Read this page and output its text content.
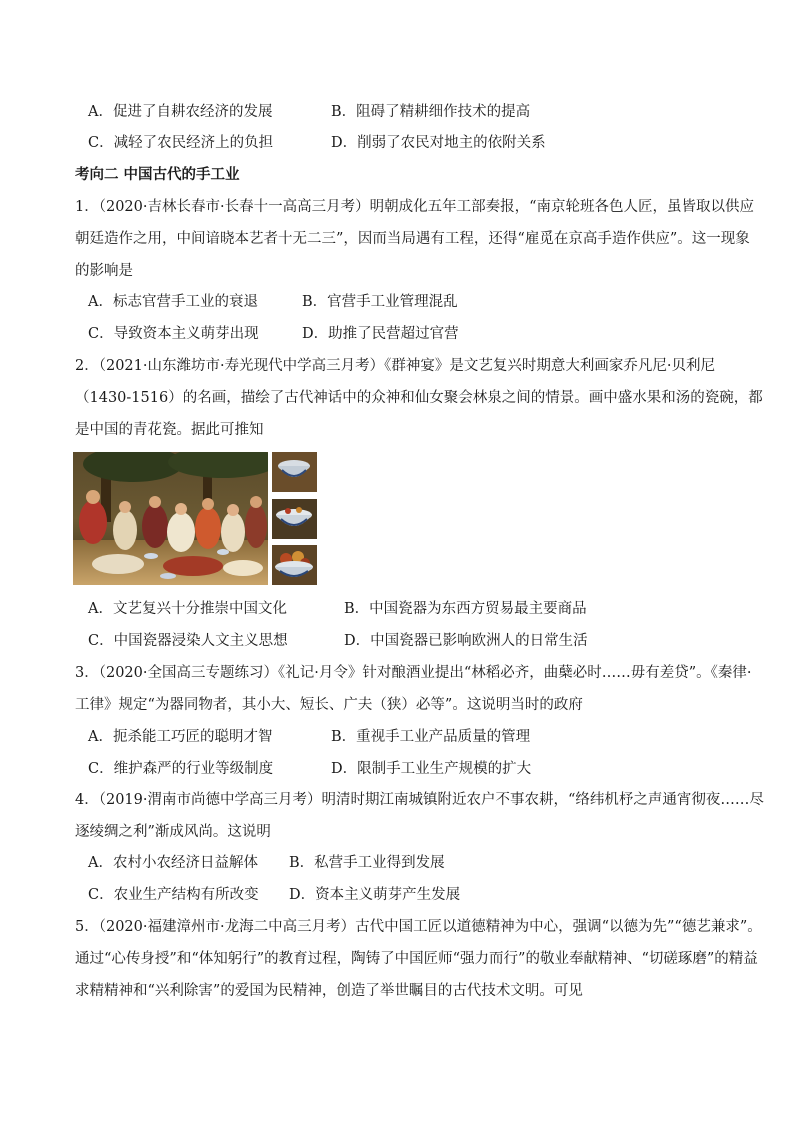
A．促进了自耕农经济的发展	B．阻碍了精耕细作技术的提高
C．减轻了农民经济上的负担	D．削弱了农民对地主的依附关系
考向二 中国古代的手工业
1．（2020·吉林长春市·长春十一高高三月考）明朝成化五年工部奏报，“南京轮班各色人匠，虽皆取以供应
朝廷造作之用，中间谙晓本艺者十无二三”，因而当局遇有工程，还得“雇觅在京高手造作供应”。这一现象
的影响是
A．标志官营手工业的衰退	B．官营手工业管理混乱
C．导致资本主义萌芽出现	D．助推了民营超过官营
2．（2021·山东潍坊市·寿光现代中学高三月考）《群神宴》是文艺复兴时期意大利画家乔凡尼·贝利尼
（1430-1516）的名画，描绘了古代神话中的众神和仙女聚会林泉之间的情景。画中盛水果和汤的瓷碗，都
是中国的青花瓷。据此可推知
A．文艺复兴十分推崇中国文化	B．中国瓷器为东西方贸易最主要商品
C．中国瓷器浸染人文主义思想	D．中国瓷器已影响欧洲人的日常生活
3．（2020·全国高三专题练习）《礼记·月令》针对酿酒业提出“林稻必齐，曲蘖必时……毋有差贷”。《秦律·
工律》规定“为器同物者，其小大、短长、广夫（狭）必等”。这说明当时的政府
A．扼杀能工巧匠的聪明才智	B．重视手工业产品质量的管理
C．维护森严的行业等级制度	D．限制手工业生产规模的扩大
4．（2019·渭南市尚德中学高三月考）明清时期江南城镇附近农户不事农耕，“络纬机杼之声通宵彻夜……尽
逐绫绸之利”渐成风尚。这说明
A．农村小农经济日益解体 B．私营手工业得到发展
C．农业生产结构有所改变 D．资本主义萌芽产生发展
5．（2020·福建漳州市·龙海二中高三月考）古代中国工匠以道德精神为中心，强调“以德为先”“德艺兼求”。
通过“心传身授”和“体知躬行”的教育过程，陶铸了中国匠师“强力而行”的敬业奉献精神、“切磋琢磨”的精益
求精精神和“兴利除害”的爱国为民精神，创造了举世瞩目的古代技术文明。可见
